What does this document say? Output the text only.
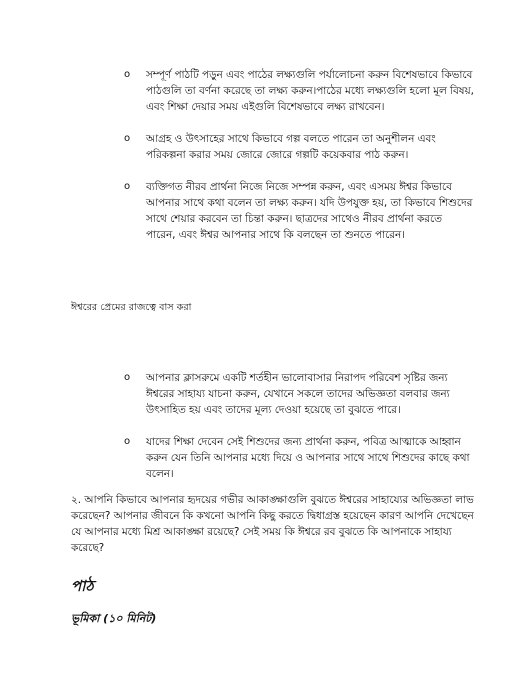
o সম্পূর্ণ পাঠটি পড়ুন এবং পাঠের লক্ষ্যগুলি পর্যালোচনা করুন বিশেষভাবে কিভাবে পাঠগুলি তা বর্ণনা করেছে তা লক্ষ্য করুন।পাঠের মধ্যে লক্ষ্যগুলি হলো মূল বিষয়, এবং শিক্ষা দেয়ার সময় এইগুলি বিশেষভাবে লক্ষ্য রাখবেন।
o আগ্রহ ও উৎসাহের সাথে কিভাবে গল্প বলতে পারেন তা অনুশীলন এবং পরিকল্পনা করার সময় জোরে জোরে গল্পটি কয়েকবার পাঠ করুন।
o ব্যক্তিগত নীরব প্রার্থনা নিজে নিজে সম্পন্ন করুন, এবং এসময় ঈশ্বর কিভাবে আপনার সাথে কথা বলেন তা লক্ষ্য করুন। যদি উপযুক্ত হয়, তা কিভাবে শিশুদের সাথে শেয়ার করবেন তা চিন্তা করুন। ছাত্রদের সাথেও নীরব প্রার্থনা করতে পারেন, এবং ঈশ্বর আপনার সাথে কি বলছেন তা শুনতে পারেন।
ঈশ্বরের প্রেমের রাজত্বে বাস করা
o আপনার ক্লাসরুমে একটি শর্তহীন ভালোবাসার নিরাপদ পরিবেশ সৃষ্টির জন্য ঈশ্বরের সাহায্য যাচনা করুন, যেখানে সকলে তাদের অভিজ্ঞতা বলবার জন্য উৎসাহিত হয় এবং তাদের মূল্য দেওয়া হয়েছে তা বুঝতে পারে।
o যাদের শিক্ষা দেবেন সেই শিশুদের জন্য প্রার্থনা করুন, পবিত্র আত্মাকে আহ্বান করুন যেন তিনি আপনার মধ্যে দিয়ে ও আপনার সাথে সাথে শিশুদের কাছে কথা বলেন।

২. আপনি কিভাবে আপনার হৃদয়ের গভীর আকাঙ্ক্ষাগুলি বুঝতে ঈশ্বরের সাহায্যের অভিজ্ঞতা লাভ করেছেন? আপনার জীবনে কি কখনো আপনি কিছু করতে দ্বিধাগ্রস্ত হয়েছেন কারণ আপনি দেখেছেন যে আপনার মধ্যে মিশ্র আকাঙ্ক্ষা রয়েছে? সেই সময় কি ঈশ্বরে রব বুঝতে কি আপনাকে সাহায্য করেছে?

পাঠ
ভূমিকা (১০ মিনিট)
